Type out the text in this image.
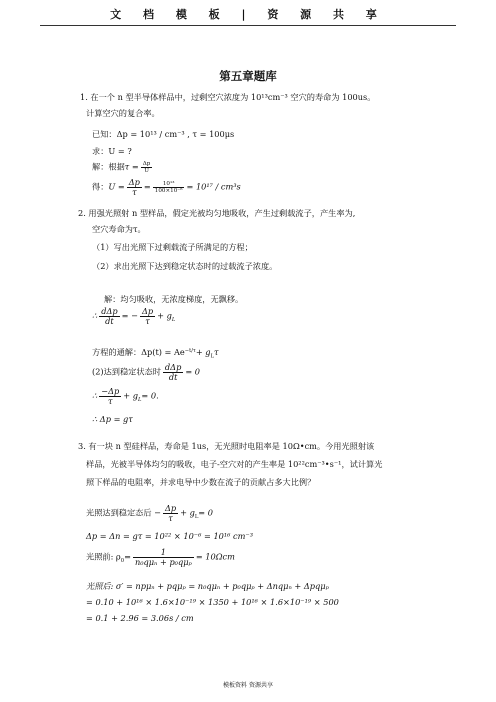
文 档 模 板 | 资 源 共 享
第五章题库
1. 在一个 n 型半导体样品中，过剩空穴浓度为 10¹³cm⁻³ 空穴的寿命为 100us。
计算空穴的复合率。
已知：Δp = 10¹³ / cm⁻³ , τ = 100μs
求：U = ?
解：根据$\tau = \frac{\Delta p}{U}$
得：$U = \frac{\Delta p}{\tau} = \frac{\text{10¹³}}{\text{100×10⁻⁶}} = 10^{17} / cm^3s$
2. 用强光照射 n 型样品，假定光被均匀地吸收，产生过剩载流子，产生率为,
空穴寿命为τ。
（1）写出光照下过剩载流子所满足的方程；
（2）求出光照下达到稳定状态时的过载流子浓度。
解：均匀吸收，无浓度梯度，无飘移。
∴ $\frac{\text{dΔp}}{dt}$ = − $\frac{\Delta p}{\tau} + g_L$
方程的通解：$\Delta p(t) = Ae^{-t/\tau}+ g_L\tau$
(2)达到稳定状态时 $\frac{\text{dΔp}}{dt} = 0$
∴ $\frac{-\Delta p}{\tau} + g_L= 0$.
∴ Δp = gτ
3. 有一块 n 型硅样品，寿命是 1us，无光照时电阻率是 10Ω•cm。今用光照射该
样品，光被半导体均匀的吸收，电子-空穴对的产生率是 10²²cm⁻³•s⁻¹，试计算光
照下样品的电阻率，并求电导中少数在流子的贡献占多大比例？
光照达到稳定态后 − $\frac{\Delta p}{\tau} + g_L= 0$
Δp = Δn = gτ = 10²² × 10⁻⁶ = 10¹⁶ cm⁻³
光照前: $\rho_0= \frac{1}{\text{n₀qμₙ + p₀qμₚ}} = 10\Omega cm$
光照后: σ′ = npμₙ + pqμₚ = n₀qμₙ + p₀qμₚ + Δnqμₙ + Δpqμₚ
= 0.10 + 10¹⁶ × 1.6×10⁻¹⁹ × 1350 + 10¹⁶ × 1.6×10⁻¹⁹ × 500
= 0.1 + 2.96 = 3.06s / cm
模板资料 资源共享
